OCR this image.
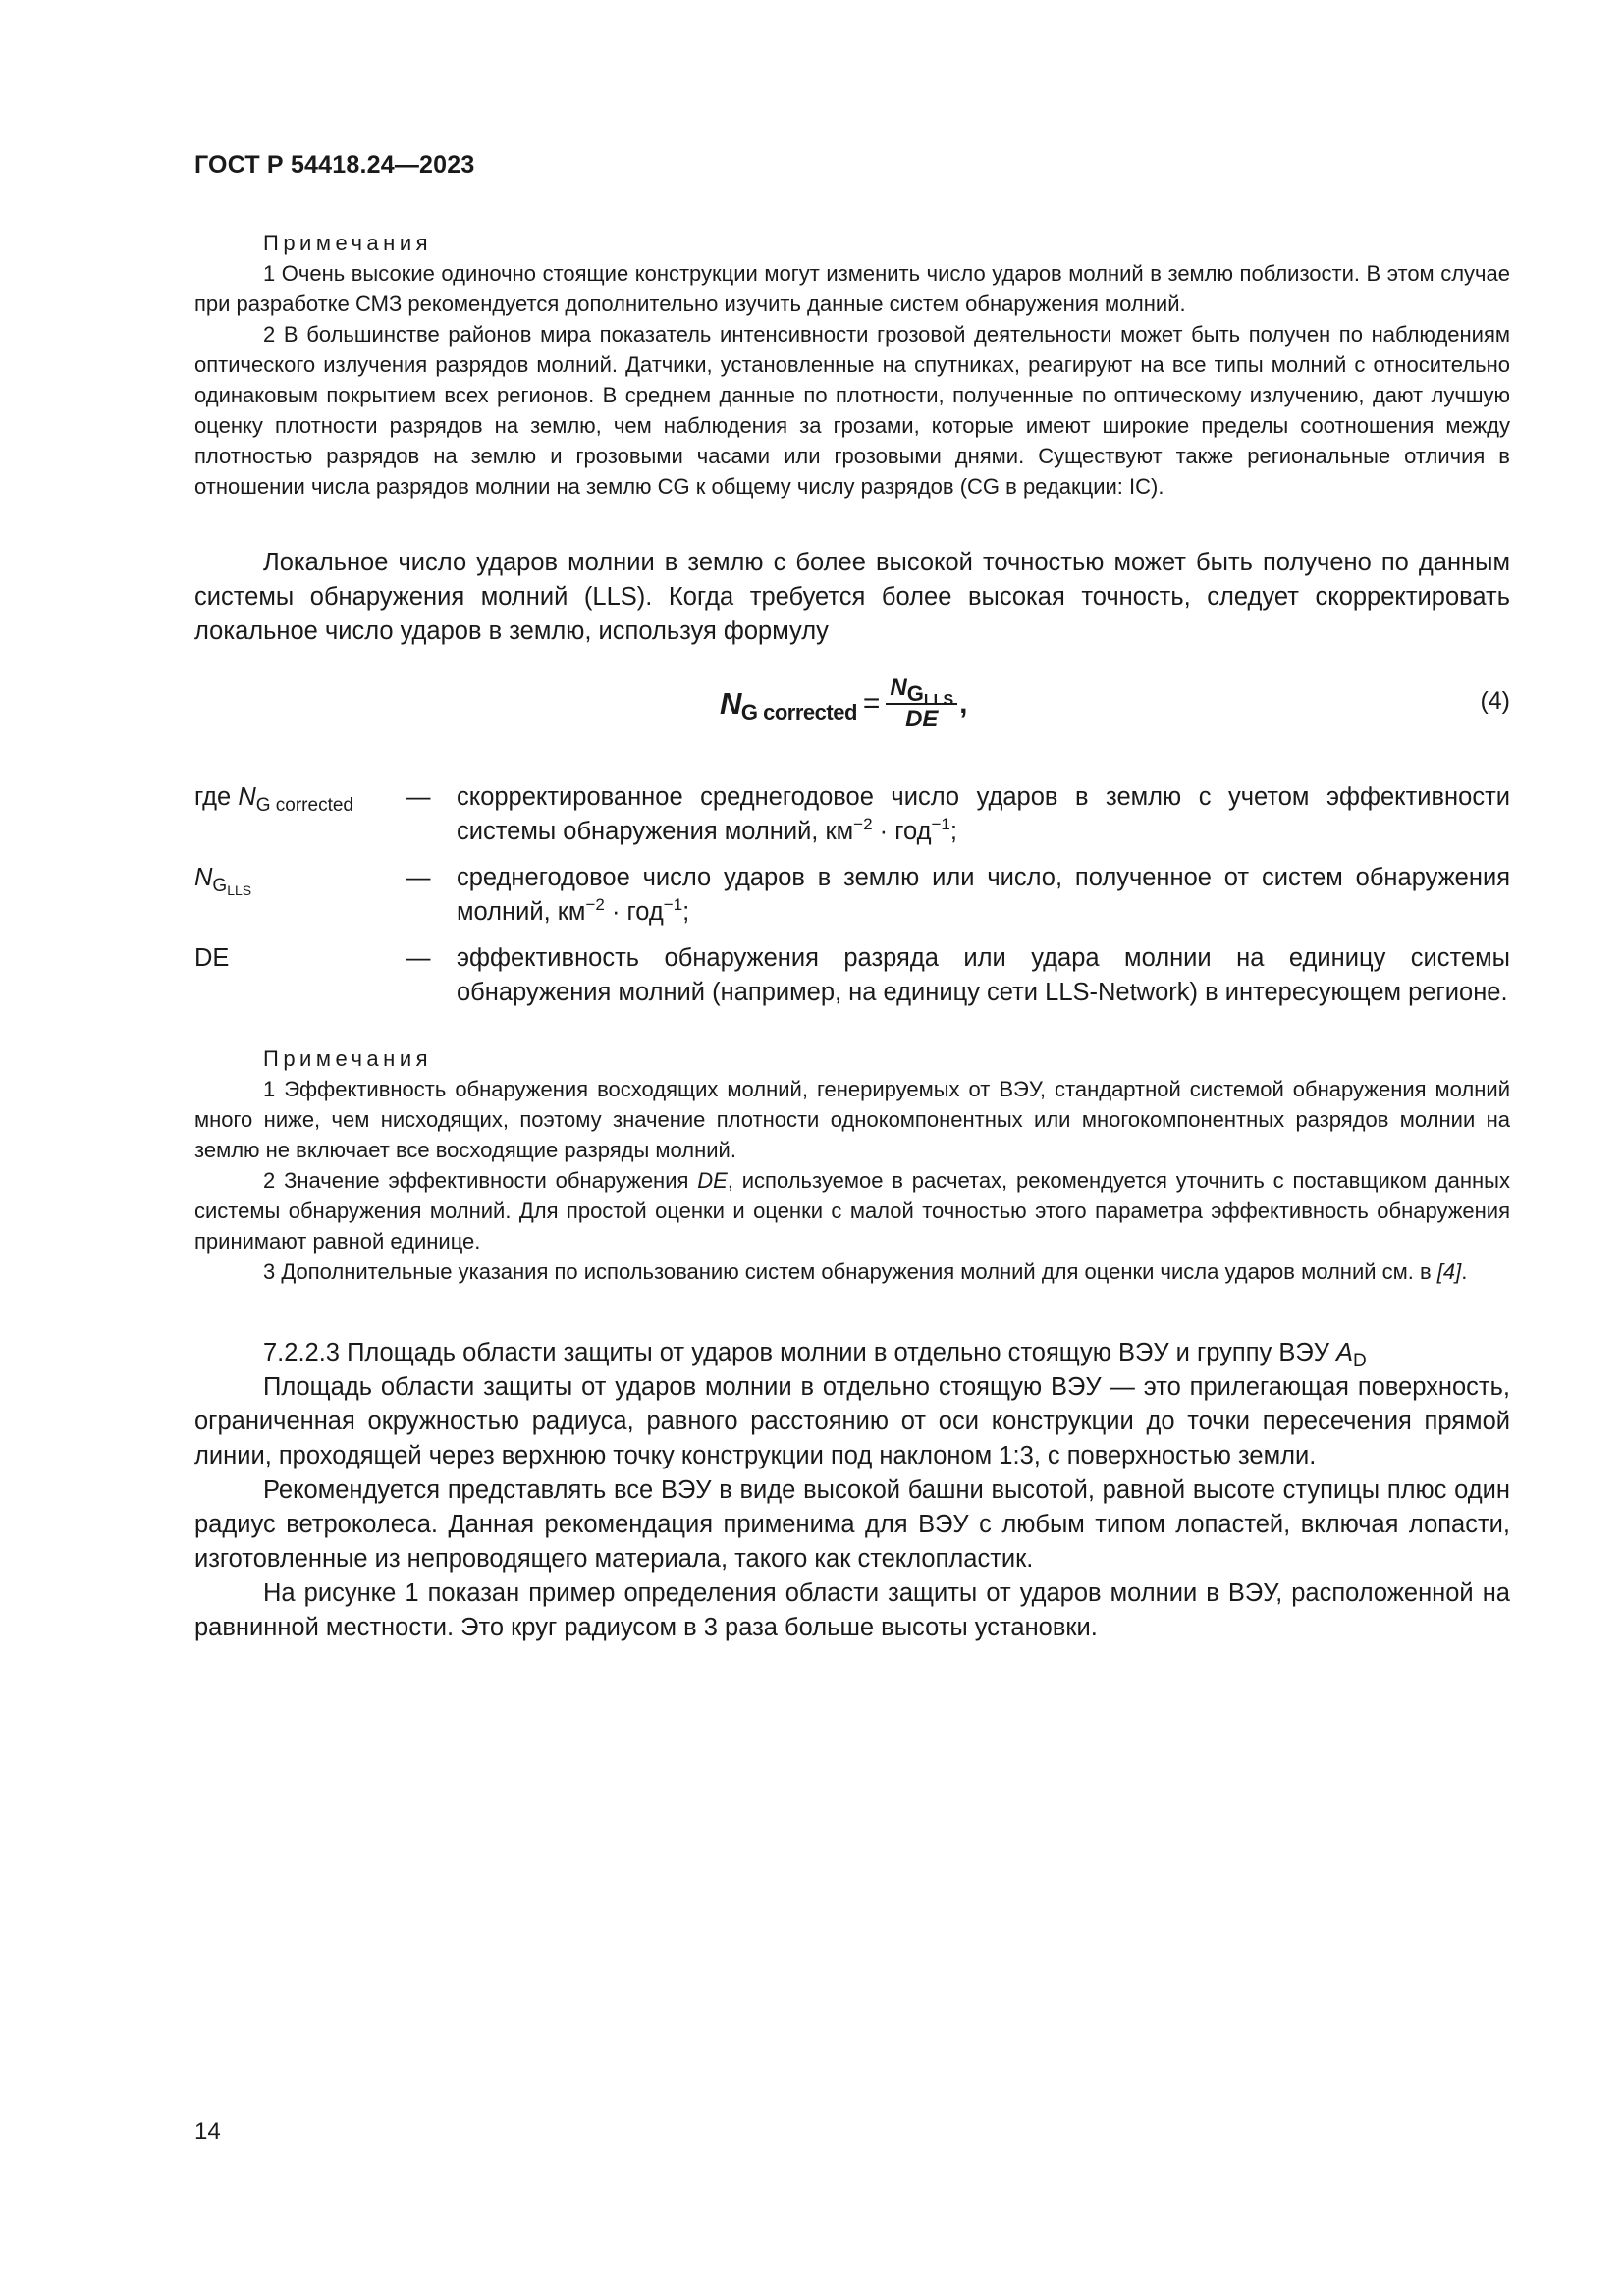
ГОСТ Р 54418.24—2023
Примечания

1 Очень высокие одиночно стоящие конструкции могут изменить число ударов молний в землю поблизости. В этом случае при разработке СМЗ рекомендуется дополнительно изучить данные систем обнаружения молний.

2 В большинстве районов мира показатель интенсивности грозовой деятельности может быть получен по наблюдениям оптического излучения разрядов молний. Датчики, установленные на спутниках, реагируют на все типы молний с относительно одинаковым покрытием всех регионов. В среднем данные по плотности, полученные по оптическому излучению, дают лучшую оценку плотности разрядов на землю, чем наблюдения за грозами, которые имеют широкие пределы соотношения между плотностью разрядов на землю и грозовыми часами или грозовыми днями. Существуют также региональные отличия в отношении числа разрядов молнии на землю CG к общему числу разрядов (CG в редакции: IC).

Локальное число ударов молнии в землю с более высокой точностью может быть получено по данным системы обнаружения молний (LLS). Когда требуется более высокая точность, следует скорректировать локальное число ударов в землю, используя формулу

$N_{G corrected} = \frac{N_{G_{LLS}}}{DE}$ ,	(4)
где $N_{G corrected}$	—	скорректированное среднегодовое число ударов в землю с учетом эффективности системы обнаружения молний, $км^{-2} \cdot год^{-1}$;
$N_{G_{LLS}}$	—	среднегодовое число ударов в землю или число, полученное от систем обнаружения молний, $км^{-2} \cdot год^{-1}$;
DE	—	эффективность обнаружения разряда или удара молнии на единицу системы обнаружения молний (например, на единицу сети LLS-Network) в интересующем регионе.
Примечания

1 Эффективность обнаружения восходящих молний, генерируемых от ВЭУ, стандартной системой обнаружения молний много ниже, чем нисходящих, поэтому значение плотности однокомпонентных или многокомпонентных разрядов молнии на землю не включает все восходящие разряды молний.

2 Значение эффективности обнаружения DE, используемое в расчетах, рекомендуется уточнить с поставщиком данных системы обнаружения молний. Для простой оценки и оценки с малой точностью этого параметра эффективность обнаружения принимают равной единице.

3 Дополнительные указания по использованию систем обнаружения молний для оценки числа ударов молний см. в [4].

7.2.2.3 Площадь области защиты от ударов молнии в отдельно стоящую ВЭУ и группу ВЭУ $A_D$

Площадь области защиты от ударов молнии в отдельно стоящую ВЭУ — это прилегающая поверхность, ограниченная окружностью радиуса, равного расстоянию от оси конструкции до точки пересечения прямой линии, проходящей через верхнюю точку конструкции под наклоном 1:3, с поверхностью земли.

Рекомендуется представлять все ВЭУ в виде высокой башни высотой, равной высоте ступицы плюс один радиус ветроколеса. Данная рекомендация применима для ВЭУ с любым типом лопастей, включая лопасти, изготовленные из непроводящего материала, такого как стеклопластик.

На рисунке 1 показан пример определения области защиты от ударов молнии в ВЭУ, расположенной на равнинной местности. Это круг радиусом в 3 раза больше высоты установки.

14
